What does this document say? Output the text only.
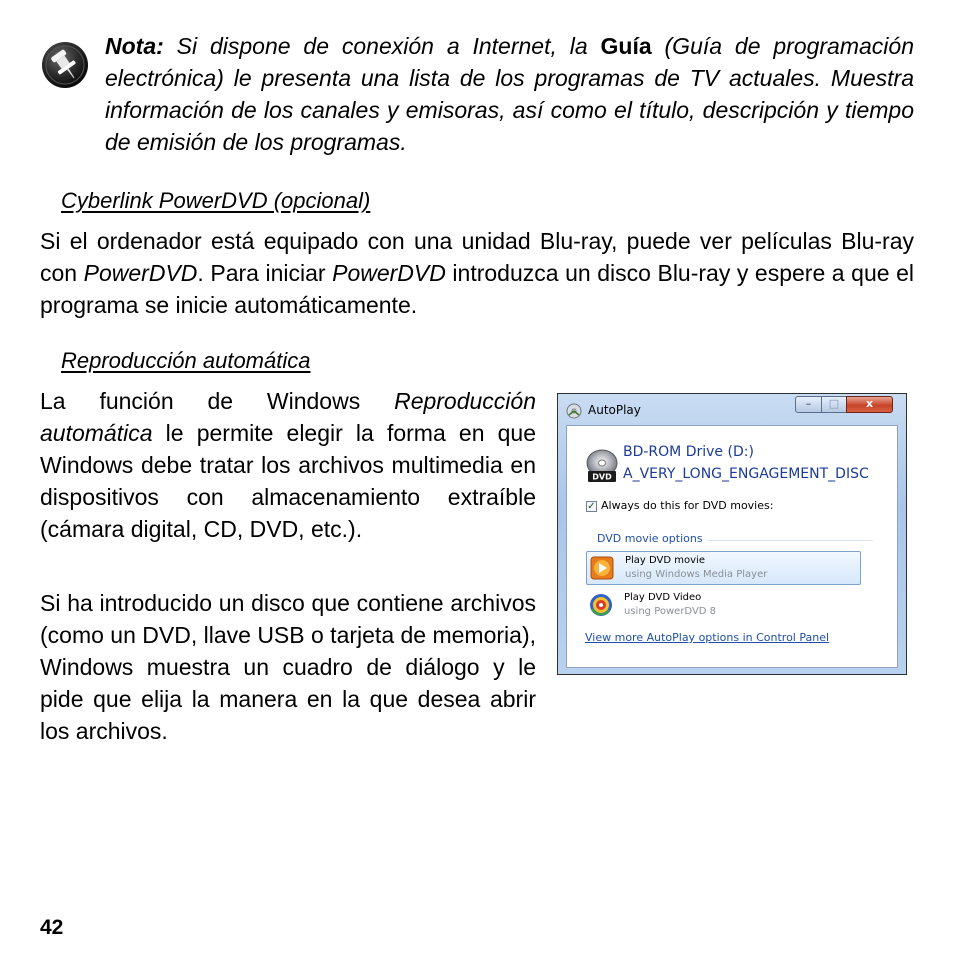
Nota: Si dispone de conexión a Internet, la Guía (Guía de programación electrónica) le presenta una lista de los programas de TV actuales. Muestra información de los canales y emisoras, así como el título, descripción y tiempo de emisión de los programas.
Cyberlink PowerDVD (opcional)
Si el ordenador está equipado con una unidad Blu-ray, puede ver películas Blu-ray con PowerDVD. Para iniciar PowerDVD introduzca un disco Blu-ray y espere a que el programa se inicie automáticamente.
Reproducción automática
La función de Windows Reproducción automática le permite elegir la forma en que Windows debe tratar los archivos multimedia en dispositivos con almacenamiento extraíble (cámara digital, CD, DVD, etc.).
Si ha introducido un disco que contiene archivos (como un DVD, llave USB o tarjeta de memoria), Windows muestra un cuadro de diálogo y le pide que elija la manera en la que desea abrir los archivos.
AutoPlay	–	□	x
DVD
BD-ROM Drive (D:)
A_VERY_LONG_ENGAGEMENT_DISC
✓ Always do this for DVD movies:
DVD movie options
Play DVD movie
using Windows Media Player
Play DVD Video
using PowerDVD 8
View more AutoPlay options in Control Panel
42
